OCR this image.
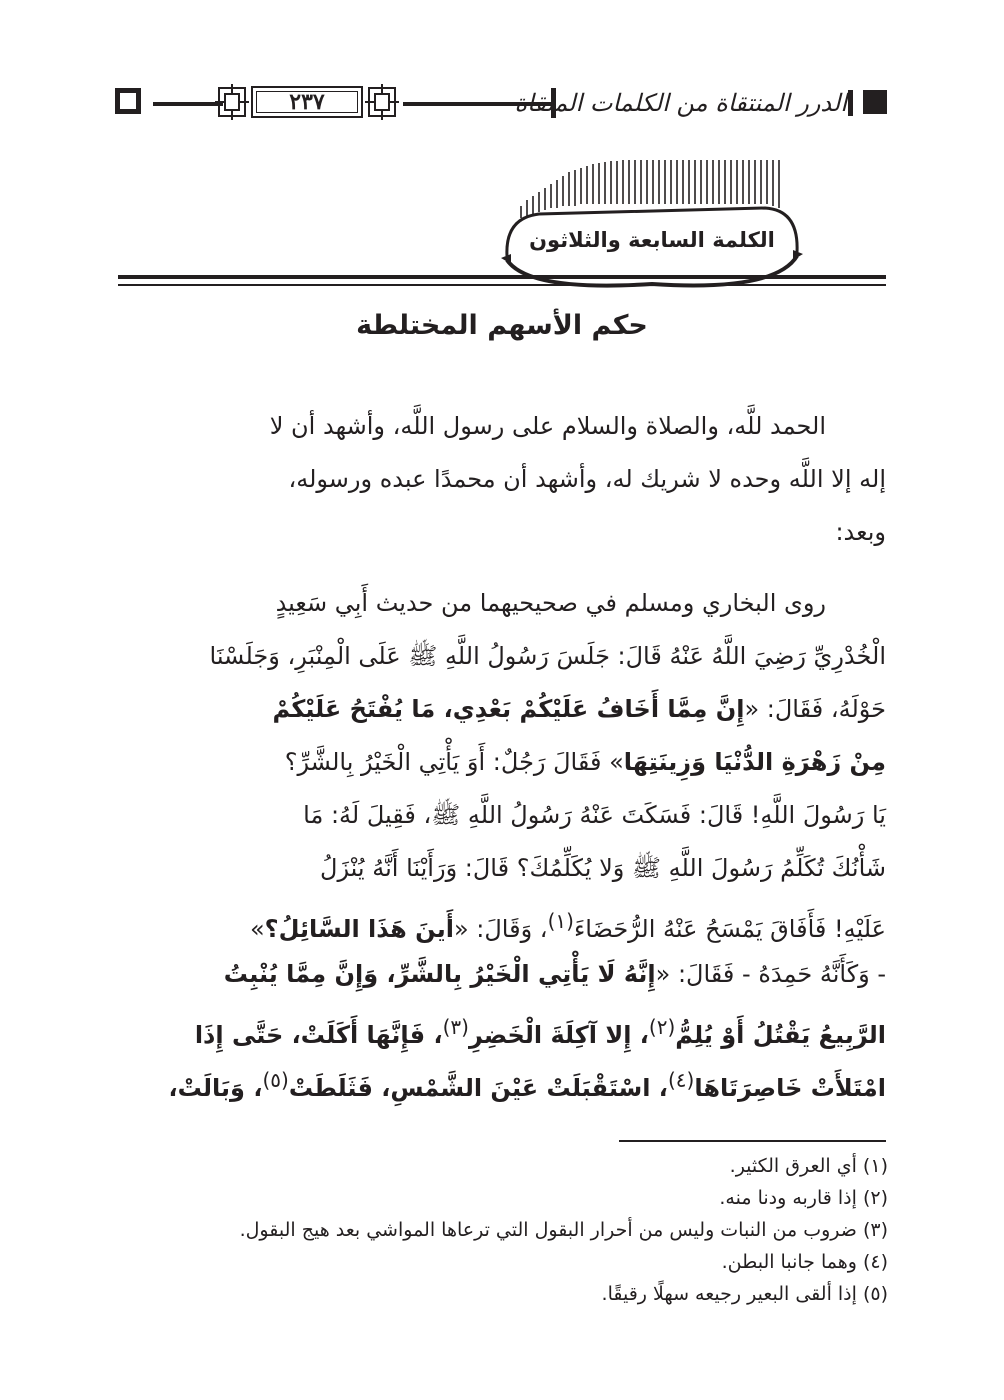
٢٣٧	الدرر المنتقاة من الكلمات الملقاة
الكلمة السابعة والثلاثون
حكم الأسهم المختلطة
الحمد للَّه، والصلاة والسلام على رسول اللَّه، وأشهد أن لا
إله إلا اللَّه وحده لا شريك له، وأشهد أن محمدًا عبده ورسوله،
وبعد:
روى البخاري ومسلم في صحيحيهما من حديث أَبِي سَعِيدٍ
الْخُدْرِيِّ رَضِيَ اللَّهُ عَنْهُ قَالَ: جَلَسَ رَسُولُ اللَّهِ ﷺ عَلَى الْمِنْبَرِ، وَجَلَسْنَا
حَوْلَهُ، فَقَالَ: «إِنَّ مِمَّا أَخَافُ عَلَيْكُمْ بَعْدِي، مَا يُفْتَحُ عَلَيْكُمْ
مِنْ زَهْرَةِ الدُّنْيَا وَزِينَتِهَا» فَقَالَ رَجُلٌ: أَوَ يَأْتِي الْخَيْرُ بِالشَّرِّ؟
يَا رَسُولَ اللَّهِ! قَالَ: فَسَكَتَ عَنْهُ رَسُولُ اللَّهِ ﷺ، فَقِيلَ لَهُ: مَا
شَأْنُكَ تُكَلِّمُ رَسُولَ اللَّهِ ﷺ وَلا يُكَلِّمُكَ؟ قَالَ: وَرَأَيْنَا أَنَّهُ يُنْزَلُ
عَلَيْهِ! فَأَفَاقَ يَمْسَحُ عَنْهُ الرُّحَضَاءَ$^{(١)}$، وَقَالَ: «أَينَ هَذَا السَّائِلُ؟»
- وَكَأَنَّهُ حَمِدَهُ - فَقَالَ: «إِنَّهُ لَا يَأْتِي الْخَيْرُ بِالشَّرِّ، وَإِنَّ مِمَّا يُنْبِتُ
الرَّبِيعُ يَقْتُلُ أَوْ يُلِمُّ$^{(٢)}$، إِلا آكِلَةَ الْخَضِرِ$^{(٣)}$، فَإِنَّهَا أَكَلَتْ، حَتَّى إِذَا
امْتَلأَتْ خَاصِرَتَاهَا$^{(٤)}$، اسْتَقْبَلَتْ عَيْنَ الشَّمْسِ، فَثَلَطَتْ$^{(٥)}$، وَبَالَتْ،
(١) أي العرق الكثير.
(٢) إذا قاربه ودنا منه.
(٣) ضروب من النبات وليس من أحرار البقول التي ترعاها المواشي بعد هيج البقول.
(٤) وهما جانبا البطن.
(٥) إذا ألقى البعير رجيعه سهلًا رقيقًا.
